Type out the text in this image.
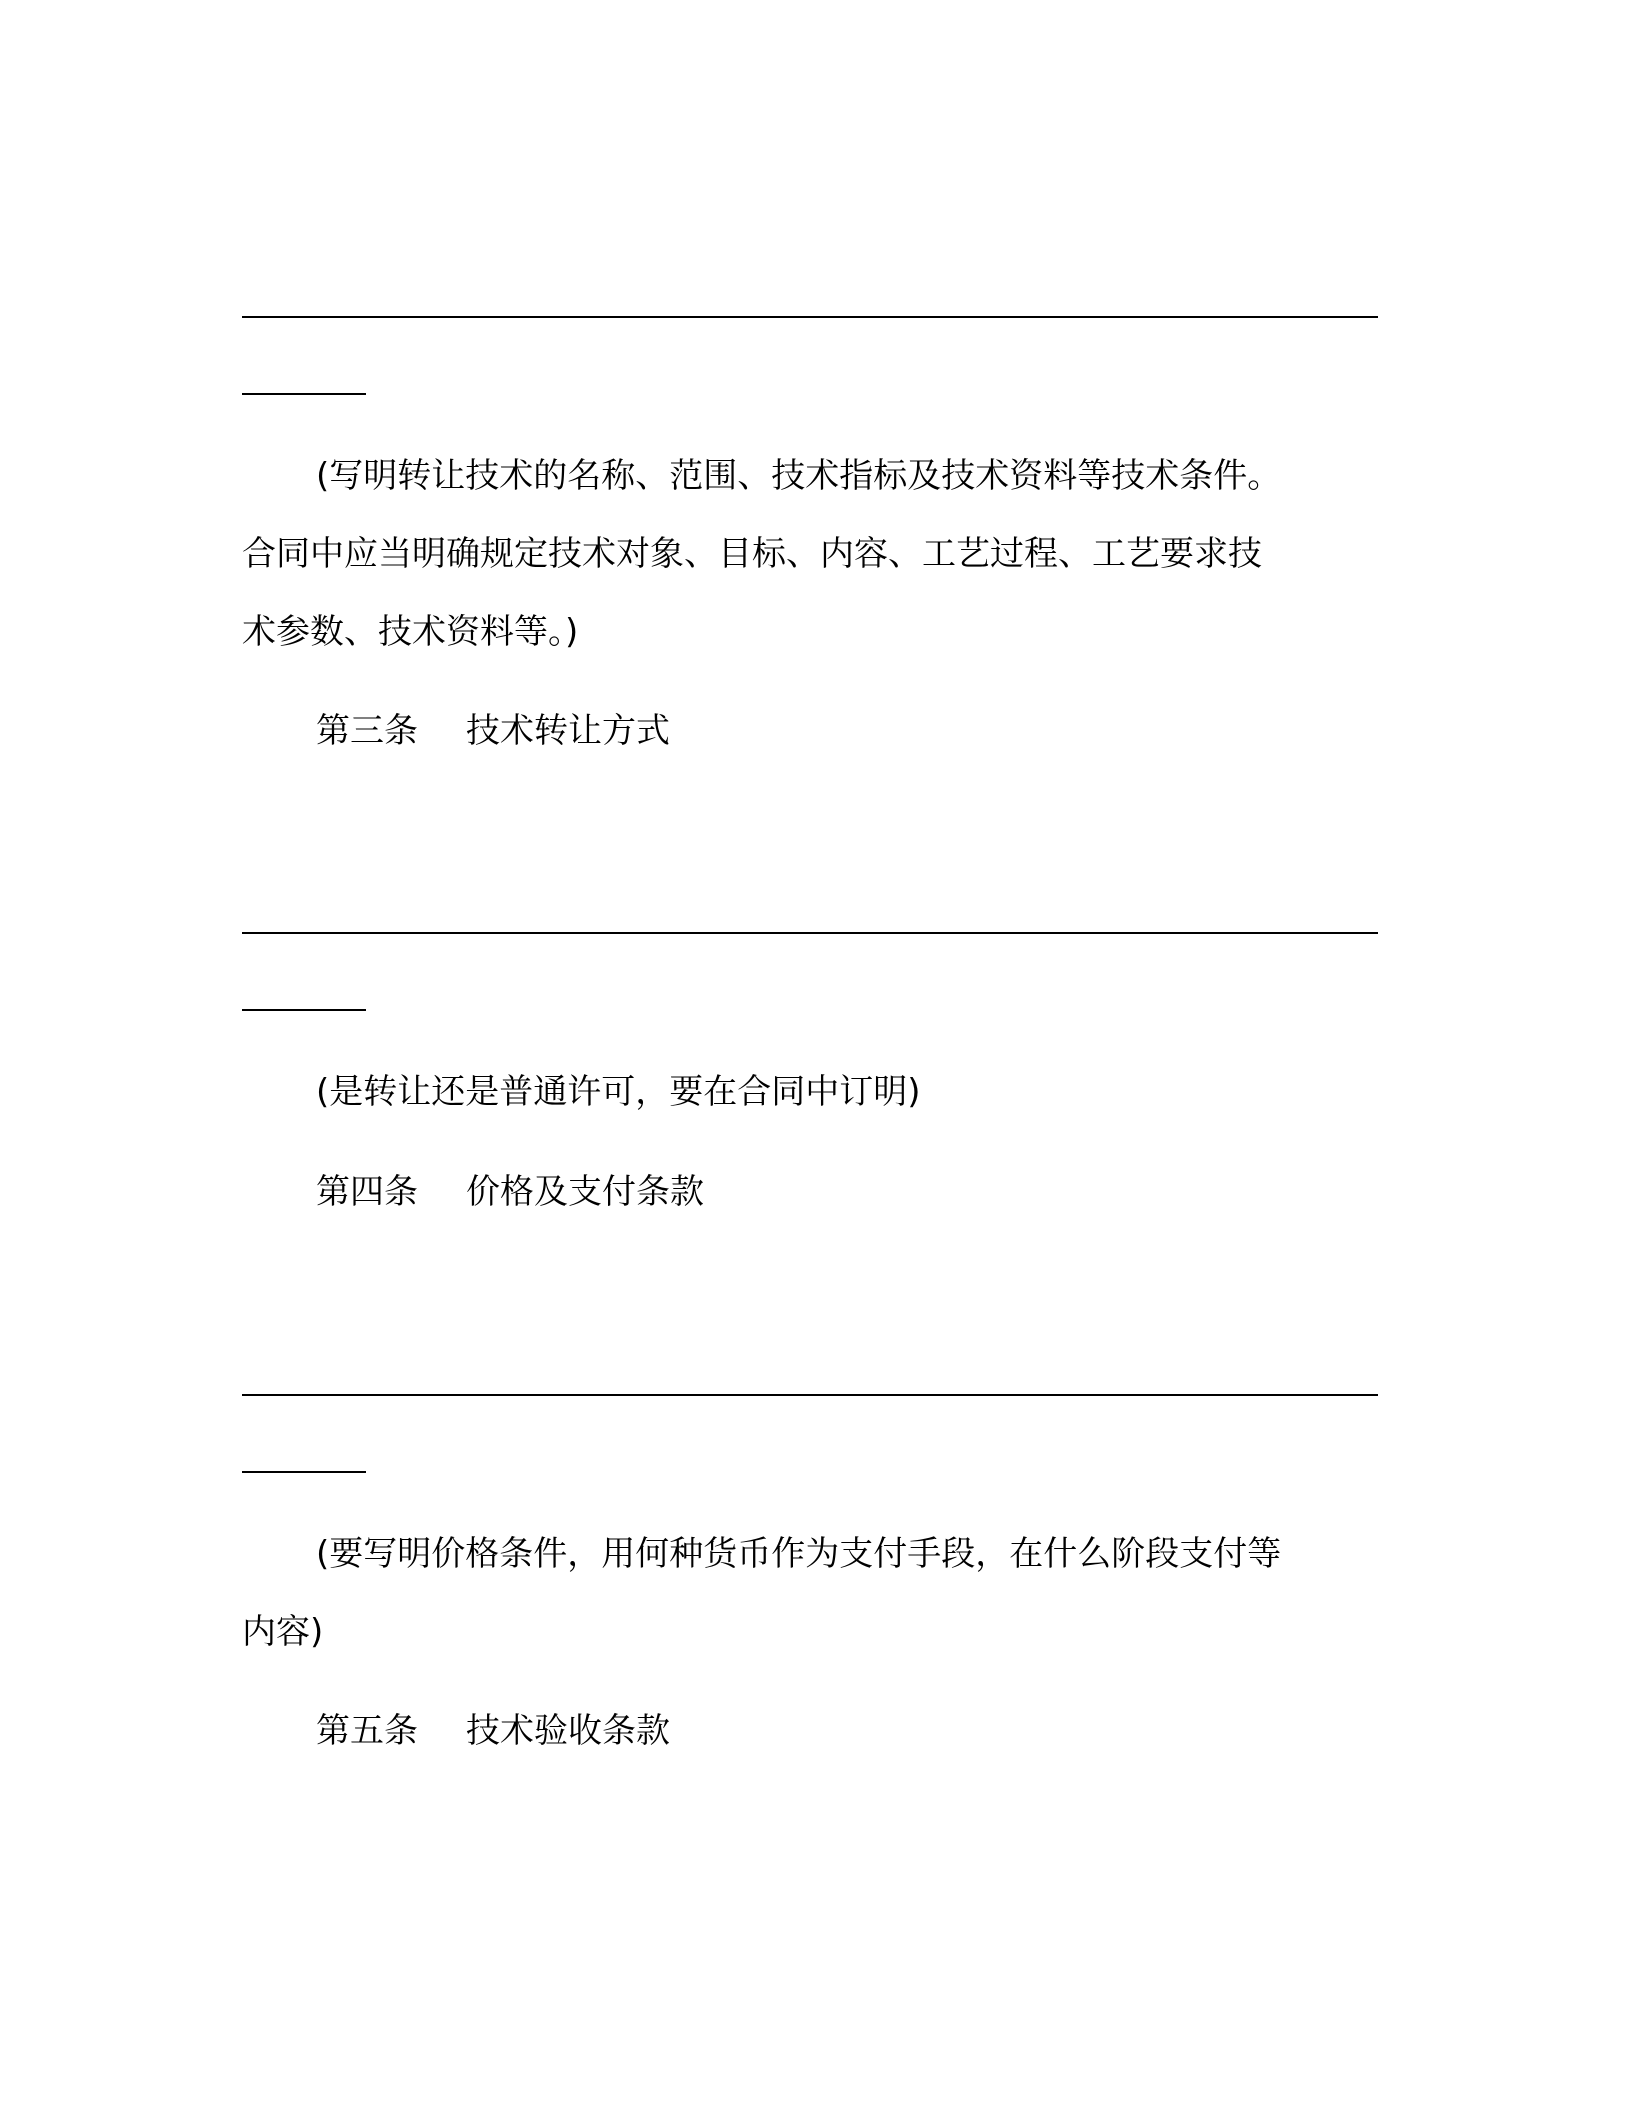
(写明转让技术的名称、范围、技术指标及技术资料等技术条件。
合同中应当明确规定技术对象、目标、内容、工艺过程、工艺要求技
术参数、技术资料等。)
第三条 技术转让方式
(是转让还是普通许可，要在合同中订明)
第四条 价格及支付条款
(要写明价格条件，用何种货币作为支付手段，在什么阶段支付等
内容)
第五条 技术验收条款
